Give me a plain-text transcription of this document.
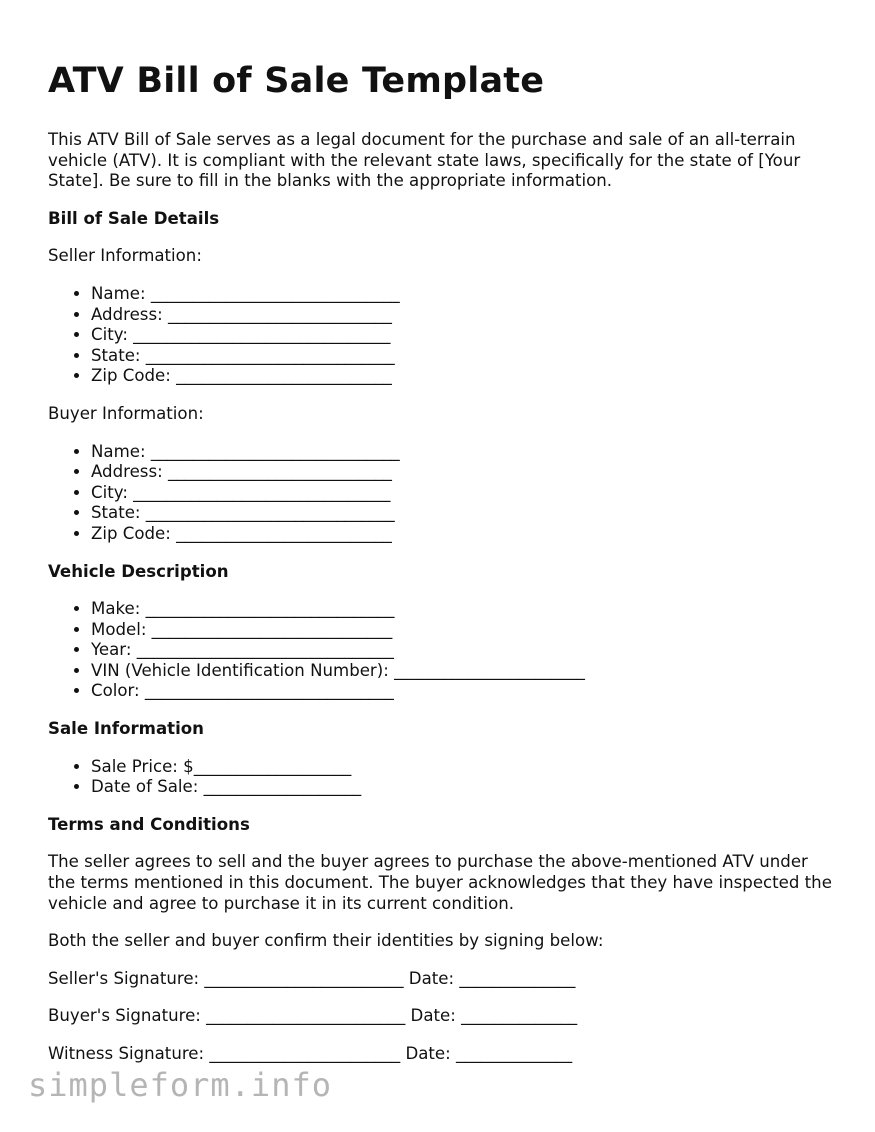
ATV Bill of Sale Template

This ATV Bill of Sale serves as a legal document for the purchase and sale of an all-terrain vehicle (ATV). It is compliant with the relevant state laws, specifically for the state of [Your State]. Be sure to fill in the blanks with the appropriate information.

Bill of Sale Details

Seller Information:

• Name: ______________________________
• Address: ___________________________
• City: _______________________________
• State: ______________________________
• Zip Code: __________________________

Buyer Information:

• Name: ______________________________
• Address: ___________________________
• City: _______________________________
• State: ______________________________
• Zip Code: __________________________
Vehicle Description
• Make: ______________________________
• Model: _____________________________
• Year: _______________________________
• VIN (Vehicle Identification Number): _______________________
• Color: ______________________________
Sale Information
• Sale Price: $___________________
• Date of Sale: ___________________
Terms and Conditions

The seller agrees to sell and the buyer agrees to purchase the above-mentioned ATV under the terms mentioned in this document. The buyer acknowledges that they have inspected the vehicle and agree to purchase it in its current condition.

Both the seller and buyer confirm their identities by signing below:

Seller's Signature: ________________________ Date: ______________

Buyer's Signature: ________________________ Date: ______________

Witness Signature: _______________________ Date: ______________

simpleform.info
